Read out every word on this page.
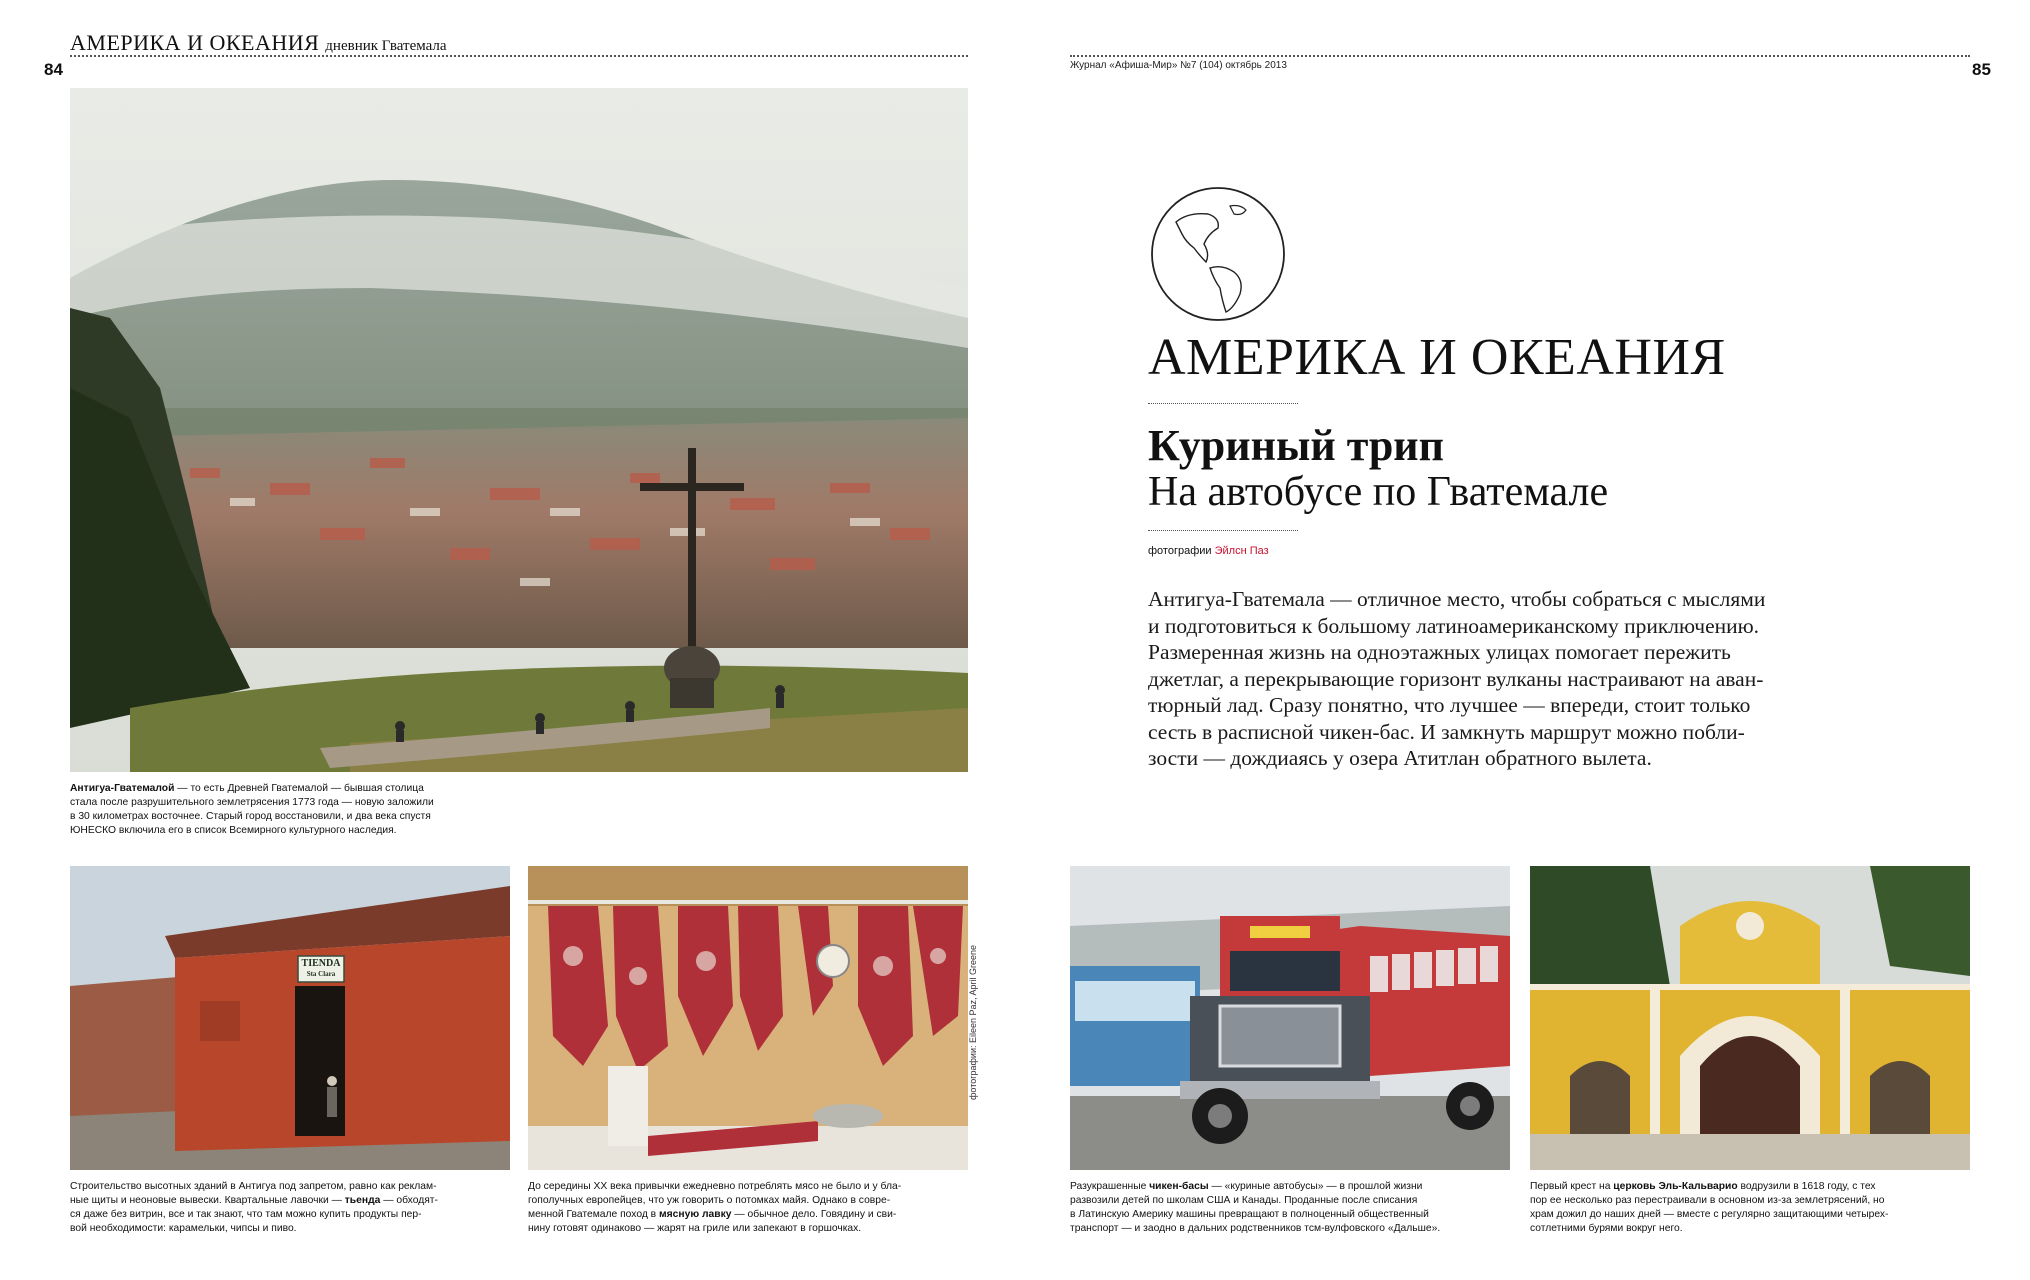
АМЕРИКА И ОКЕАНИЯ дневник Гватемала
84	Журнал «Афиша-Мир» №7 (104) октябрь 2013	85
Антигуа-Гватемалой — то есть Древней Гватемалой — бывшая столица
стала после разрушительного землетрясения 1773 года — новую заложили
в 30 километрах восточнее. Старый город восстановили, и два века спустя
ЮНЕСКО включила его в список Всемирного культурного наследия.
TIENDA
Sta Clara
Строительство высотных зданий в Антигуа под запретом, равно как реклам-
ные щиты и неоновые вывески. Квартальные лавочки — тьенда — обходят-
ся даже без витрин, все и так знают, что там можно купить продукты пер-
вой необходимости: карамельки, чипсы и пиво.
До середины XX века привычки ежедневно потреблять мясо не было и у бла-
гополучных европейцев, что уж говорить о потомках майя. Однако в совре-
менной Гватемале поход в мясную лавку — обычное дело. Говядину и сви-
нину готовят одинаково — жарят на гриле или запекают в горшочках.
фотографии: Eileen Paz, April Greene
АМЕРИКА И ОКЕАНИЯ
Куриный трип
На автобусе по Гватемале
фотографии Эйлсн Паз
Антигуа-Гватемала — отличное место, чтобы собраться с мыслями
и подготовиться к большому латиноамериканскому приключению.
Размеренная жизнь на одноэтажных улицах помогает пережить
джетлаг, а перекрывающие горизонт вулканы настраивают на аван-
тюрный лад. Сразу понятно, что лучшее — впереди, стоит только
сесть в расписной чикен-бас. И замкнуть маршрут можно побли-
зости — дождиаясь у озера Атитлан обратного вылета.
Разукрашенные чикен-басы — «куриные автобусы» — в прошлой жизни
развозили детей по школам США и Канады. Проданные после списания
в Латинскую Америку машины превращают в полноценный общественный
транспорт — и заодно в дальних родственников тсм-вулфовского «Дальше».
Первый крест на церковь Эль-Кальварио водрузили в 1618 году, с тех
пор ее несколько раз перестраивали в основном из-за землетрясений, но
храм дожил до наших дней — вместе с регулярно защитающими четырех-
сотлетними бурями вокруг него.
